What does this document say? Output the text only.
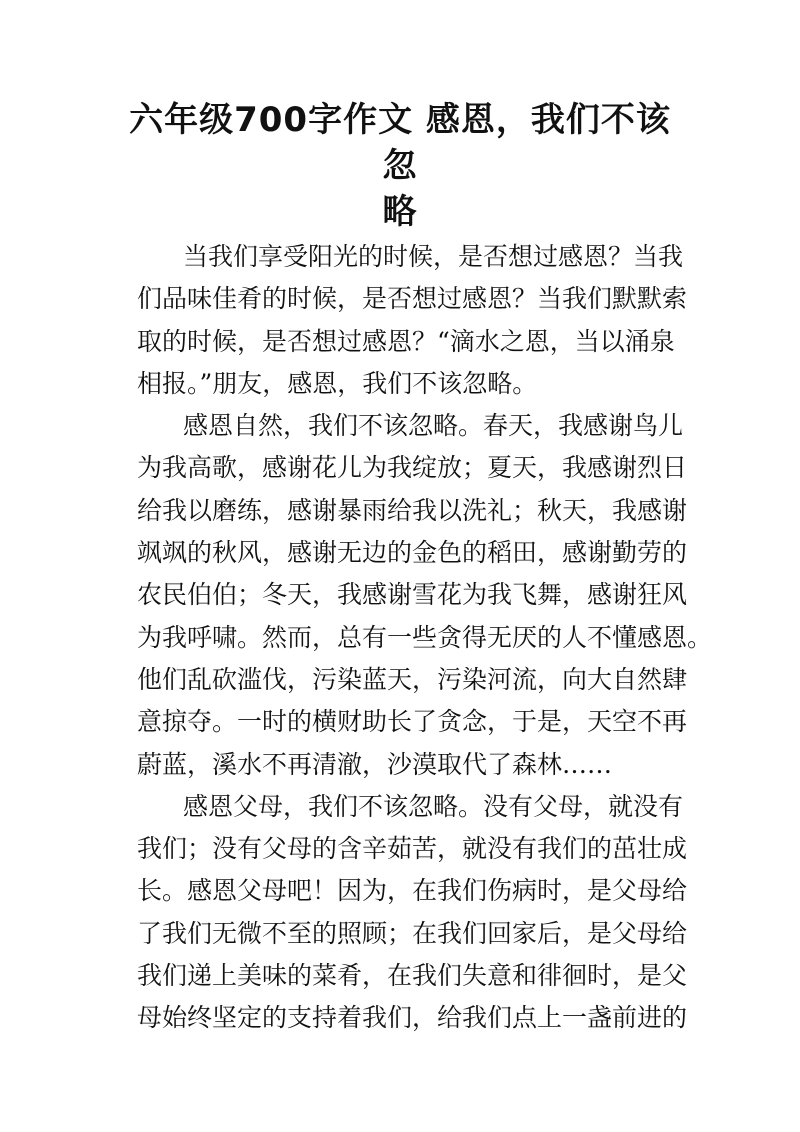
六年级700字作文 感恩，我们不该忽
略
当我们享受阳光的时候，是否想过感恩？当我
们品味佳肴的时候，是否想过感恩？当我们默默索
取的时候，是否想过感恩？“滴水之恩，当以涌泉
相报。”朋友，感恩，我们不该忽略。
感恩自然，我们不该忽略。春天，我感谢鸟儿
为我高歌，感谢花儿为我绽放；夏天，我感谢烈日
给我以磨练，感谢暴雨给我以洗礼；秋天，我感谢
飒飒的秋风，感谢无边的金色的稻田，感谢勤劳的
农民伯伯；冬天，我感谢雪花为我飞舞，感谢狂风
为我呼啸。然而，总有一些贪得无厌的人不懂感恩。
他们乱砍滥伐，污染蓝天，污染河流，向大自然肆
意掠夺。一时的横财助长了贪念，于是，天空不再
蔚蓝，溪水不再清澈，沙漠取代了森林……
感恩父母，我们不该忽略。没有父母，就没有
我们；没有父母的含辛茹苦，就没有我们的茁壮成
长。感恩父母吧！因为，在我们伤病时，是父母给
了我们无微不至的照顾；在我们回家后，是父母给
我们递上美味的菜肴，在我们失意和徘徊时，是父
母始终坚定的支持着我们，给我们点上一盏前进的
